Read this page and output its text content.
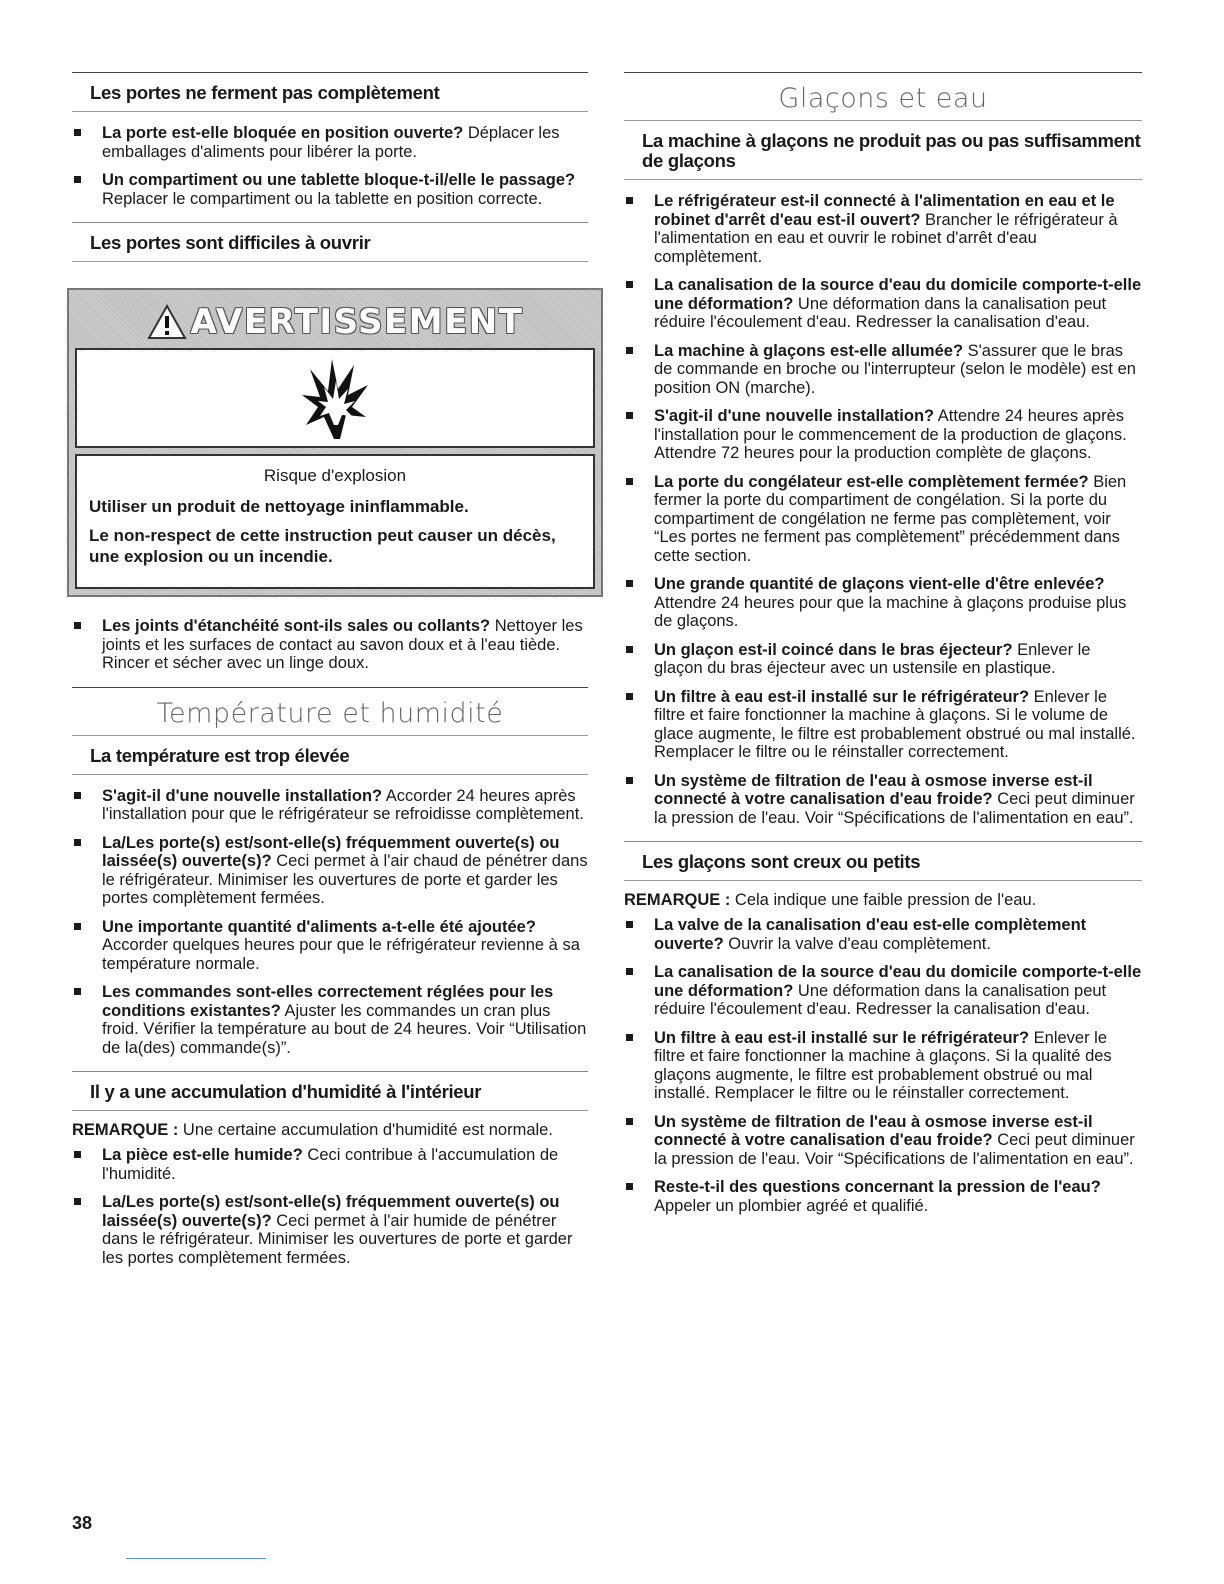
Les portes ne ferment pas complètement
La porte est-elle bloquée en position ouverte? Déplacer les emballages d'aliments pour libérer la porte.
Un compartiment ou une tablette bloque-t-il/elle le passage? Replacer le compartiment ou la tablette en position correcte.
Les portes sont difficiles à ouvrir
AVERTISSEMENT
Risque d'explosion
Utiliser un produit de nettoyage ininflammable.
Le non-respect de cette instruction peut causer un décès, une explosion ou un incendie.
Les joints d'étanchéité sont-ils sales ou collants? Nettoyer les joints et les surfaces de contact au savon doux et à l'eau tiède. Rincer et sécher avec un linge doux.
Température et humidité
La température est trop élevée
S'agit-il d'une nouvelle installation? Accorder 24 heures après l'installation pour que le réfrigérateur se refroidisse complètement.
La/Les porte(s) est/sont-elle(s) fréquemment ouverte(s) ou laissée(s) ouverte(s)? Ceci permet à l'air chaud de pénétrer dans le réfrigérateur. Minimiser les ouvertures de porte et garder les portes complètement fermées.
Une importante quantité d'aliments a-t-elle été ajoutée? Accorder quelques heures pour que le réfrigérateur revienne à sa température normale.
Les commandes sont-elles correctement réglées pour les conditions existantes? Ajuster les commandes un cran plus froid. Vérifier la température au bout de 24 heures. Voir “Utilisation de la(des) commande(s)”.
Il y a une accumulation d'humidité à l'intérieur

REMARQUE : Une certaine accumulation d'humidité est normale.

La pièce est-elle humide? Ceci contribue à l'accumulation de l'humidité.
La/Les porte(s) est/sont-elle(s) fréquemment ouverte(s) ou laissée(s) ouverte(s)? Ceci permet à l'air humide de pénétrer dans le réfrigérateur. Minimiser les ouvertures de porte et garder les portes complètement fermées.
Glaçons et eau
La machine à glaçons ne produit pas ou pas suffisamment de glaçons
Le réfrigérateur est-il connecté à l'alimentation en eau et le robinet d'arrêt d'eau est-il ouvert? Brancher le réfrigérateur à l'alimentation en eau et ouvrir le robinet d'arrêt d'eau complètement.
La canalisation de la source d'eau du domicile comporte-t-elle une déformation? Une déformation dans la canalisation peut réduire l'écoulement d'eau. Redresser la canalisation d'eau.
La machine à glaçons est-elle allumée? S'assurer que le bras de commande en broche ou l'interrupteur (selon le modèle) est en position ON (marche).
S'agit-il d'une nouvelle installation? Attendre 24 heures après l'installation pour le commencement de la production de glaçons. Attendre 72 heures pour la production complète de glaçons.
La porte du congélateur est-elle complètement fermée? Bien fermer la porte du compartiment de congélation. Si la porte du compartiment de congélation ne ferme pas complètement, voir “Les portes ne ferment pas complètement” précédemment dans cette section.
Une grande quantité de glaçons vient-elle d'être enlevée? Attendre 24 heures pour que la machine à glaçons produise plus de glaçons.
Un glaçon est-il coincé dans le bras éjecteur? Enlever le glaçon du bras éjecteur avec un ustensile en plastique.
Un filtre à eau est-il installé sur le réfrigérateur? Enlever le filtre et faire fonctionner la machine à glaçons. Si le volume de glace augmente, le filtre est probablement obstrué ou mal installé. Remplacer le filtre ou le réinstaller correctement.
Un système de filtration de l'eau à osmose inverse est-il connecté à votre canalisation d'eau froide? Ceci peut diminuer la pression de l'eau. Voir “Spécifications de l'alimentation en eau”.
Les glaçons sont creux ou petits

REMARQUE : Cela indique une faible pression de l'eau.

La valve de la canalisation d'eau est-elle complètement ouverte? Ouvrir la valve d'eau complètement.
La canalisation de la source d'eau du domicile comporte-t-elle une déformation? Une déformation dans la canalisation peut réduire l'écoulement d'eau. Redresser la canalisation d'eau.
Un filtre à eau est-il installé sur le réfrigérateur? Enlever le filtre et faire fonctionner la machine à glaçons. Si la qualité des glaçons augmente, le filtre est probablement obstrué ou mal installé. Remplacer le filtre ou le réinstaller correctement.
Un système de filtration de l'eau à osmose inverse est-il connecté à votre canalisation d'eau froide? Ceci peut diminuer la pression de l'eau. Voir “Spécifications de l'alimentation en eau”.
Reste-t-il des questions concernant la pression de l'eau? Appeler un plombier agréé et qualifié.
38
